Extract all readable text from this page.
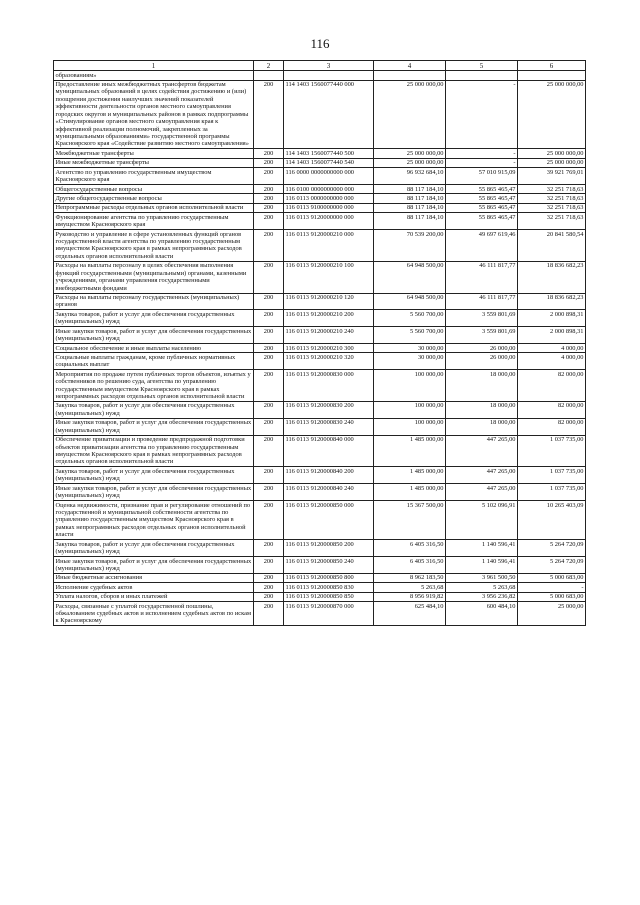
116
1	2	3	4	5	6
образованиям»					
Предоставление иных межбюджетных трансфертов бюджетам муниципальных образований в целях содействия достижению и (или) поощрения достижения наилучших значений показателей эффективности деятельности органов местного самоуправления городских округов и муниципальных районов в рамках подпрограммы «Стимулирование органов местного самоуправления края к эффективной реализации полномочий, закрепленных за муниципальными образованиями» государственной программы Красноярского края «Содействие развитию местного самоуправления»	200	114 1403 1560077440 000	25 000 000,00	-	25 000 000,00
Межбюджетные трансферты	200	114 1403 1560077440 500	25 000 000,00	-	25 000 000,00
Иные межбюджетные трансферты	200	114 1403 1560077440 540	25 000 000,00	-	25 000 000,00
Агентство по управлению государственным имуществом Красноярского края	200	116 0000 0000000000 000	96 932 684,10	57 010 915,09	39 921 769,01
Общегосударственные вопросы	200	116 0100 0000000000 000	88 117 184,10	55 865 465,47	32 251 718,63
Другие общегосударственные вопросы	200	116 0113 0000000000 000	88 117 184,10	55 865 465,47	32 251 718,63
Непрограммные расходы отдельных органов исполнительной власти	200	116 0113 9100000000 000	88 117 184,10	55 865 465,47	32 251 718,63
Функционирование агентства по управлению государственным имуществом Красноярского края	200	116 0113 9120000000 000	88 117 184,10	55 865 465,47	32 251 718,63
Руководство и управление в сфере установленных функций органов государственной власти агентства по управлению государственным имуществом Красноярского края в рамках непрограммных расходов отдельных органов исполнительной власти	200	116 0113 9120000210 000	70 539 200,00	49 697 619,46	20 841 580,54
Расходы на выплаты персоналу в целях обеспечения выполнения функций государственными (муниципальными) органами, казенными учреждениями, органами управления государственными внебюджетными фондами	200	116 0113 9120000210 100	64 948 500,00	46 111 817,77	18 836 682,23
Расходы на выплаты персоналу государственных (муниципальных) органов	200	116 0113 9120000210 120	64 948 500,00	46 111 817,77	18 836 682,23
Закупка товаров, работ и услуг для обеспечения государственных (муниципальных) нужд	200	116 0113 9120000210 200	5 560 700,00	3 559 801,69	2 000 898,31
Иные закупки товаров, работ и услуг для обеспечения государственных (муниципальных) нужд	200	116 0113 9120000210 240	5 560 700,00	3 559 801,69	2 000 898,31
Социальное обеспечение и иные выплаты населению	200	116 0113 9120000210 300	30 000,00	26 000,00	4 000,00
Социальные выплаты гражданам, кроме публичных нормативных социальных выплат	200	116 0113 9120000210 320	30 000,00	26 000,00	4 000,00
Мероприятия по продаже путем публичных торгов объектов, изъятых у собственников по решению суда, агентства по управлению государственным имуществом Красноярского края в рамках непрограммных расходов отдельных органов исполнительной власти	200	116 0113 9120000830 000	100 000,00	18 000,00	82 000,00
Закупка товаров, работ и услуг для обеспечения государственных (муниципальных) нужд	200	116 0113 9120000830 200	100 000,00	18 000,00	82 000,00
Иные закупки товаров, работ и услуг для обеспечения государственных (муниципальных) нужд	200	116 0113 9120000830 240	100 000,00	18 000,00	82 000,00
Обеспечение приватизации и проведение предпродажной подготовки объектов приватизации агентства по управлению государственным имуществом Красноярского края в рамках непрограммных расходов отдельных органов исполнительной власти	200	116 0113 9120000840 000	1 485 000,00	447 265,00	1 037 735,00
Закупка товаров, работ и услуг для обеспечения государственных (муниципальных) нужд	200	116 0113 9120000840 200	1 485 000,00	447 265,00	1 037 735,00
Иные закупки товаров, работ и услуг для обеспечения государственных (муниципальных) нужд	200	116 0113 9120000840 240	1 485 000,00	447 265,00	1 037 735,00
Оценка недвижимости, признание прав и регулирование отношений по государственной и муниципальной собственности агентства по управлению государственным имуществом Красноярского края в рамках непрограммных расходов отдельных органов исполнительной власти	200	116 0113 9120000850 000	15 367 500,00	5 102 096,91	10 265 403,09
Закупка товаров, работ и услуг для обеспечения государственных (муниципальных) нужд	200	116 0113 9120000850 200	6 405 316,50	1 140 596,41	5 264 720,09
Иные закупки товаров, работ и услуг для обеспечения государственных (муниципальных) нужд	200	116 0113 9120000850 240	6 405 316,50	1 140 596,41	5 264 720,09
Иные бюджетные ассигнования	200	116 0113 9120000850 800	8 962 183,50	3 961 500,50	5 000 683,00
Исполнение судебных актов	200	116 0113 9120000850 830	5 263,68	5 263,68	-
Уплата налогов, сборов и иных платежей	200	116 0113 9120000850 850	8 956 919,82	3 956 236,82	5 000 683,00
Расходы, связанные с уплатой государственной пошлины, обжалованием судебных актов и исполнением судебных актов по искам к Красноярскому	200	116 0113 9120000870 000	625 484,10	600 484,10	25 000,00
